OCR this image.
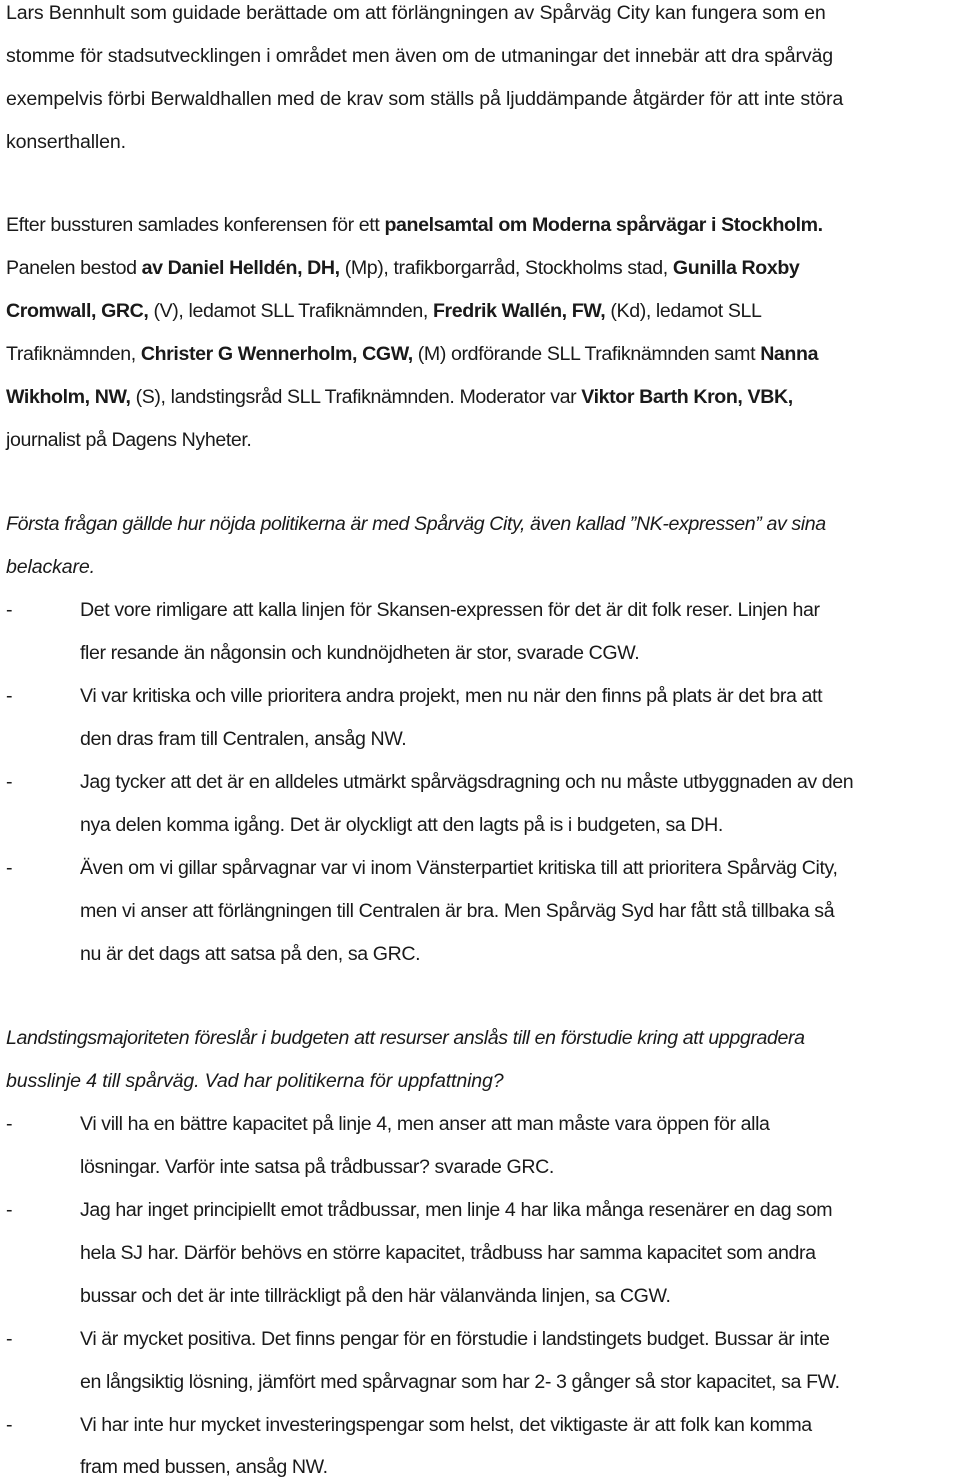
Lars Bennhult som guidade berättade om att förlängningen av Spårväg City kan fungera som en
stomme för stadsutvecklingen i området men även om de utmaningar det innebär att dra spårväg
exempelvis förbi Berwaldhallen med de krav som ställs på ljuddämpande åtgärder för att inte störa
konserthallen.
Efter bussturen samlades konferensen för ett panelsamtal om Moderna spårvägar i Stockholm.
Panelen bestod av Daniel Helldén, DH, (Mp), trafikborgarråd, Stockholms stad, Gunilla Roxby
Cromwall, GRC, (V), ledamot SLL Trafiknämnden, Fredrik Wallén, FW, (Kd), ledamot SLL
Trafiknämnden, Christer G Wennerholm, CGW, (M) ordförande SLL Trafiknämnden samt Nanna
Wikholm, NW, (S), landstingsråd SLL Trafiknämnden. Moderator var Viktor Barth Kron, VBK,
journalist på Dagens Nyheter.
Första frågan gällde hur nöjda politikerna är med Spårväg City, även kallad ”NK-expressen” av sina
belackare.
-	Det vore rimligare att kalla linjen för Skansen-expressen för det är dit folk reser. Linjen har
fler resande än någonsin och kundnöjdheten är stor, svarade CGW.
-	Vi var kritiska och ville prioritera andra projekt, men nu när den finns på plats är det bra att
den dras fram till Centralen, ansåg NW.
-	Jag tycker att det är en alldeles utmärkt spårvägsdragning och nu måste utbyggnaden av den
nya delen komma igång. Det är olyckligt att den lagts på is i budgeten, sa DH.
-	Även om vi gillar spårvagnar var vi inom Vänsterpartiet kritiska till att prioritera Spårväg City,
men vi anser att förlängningen till Centralen är bra. Men Spårväg Syd har fått stå tillbaka så
nu är det dags att satsa på den, sa GRC.
Landstingsmajoriteten föreslår i budgeten att resurser anslås till en förstudie kring att uppgradera
busslinje 4 till spårväg. Vad har politikerna för uppfattning?
-	Vi vill ha en bättre kapacitet på linje 4, men anser att man måste vara öppen för alla
lösningar. Varför inte satsa på trådbussar? svarade GRC.
-	Jag har inget principiellt emot trådbussar, men linje 4 har lika många resenärer en dag som
hela SJ har. Därför behövs en större kapacitet, trådbuss har samma kapacitet som andra
bussar och det är inte tillräckligt på den här välanvända linjen, sa CGW.
-	Vi är mycket positiva. Det finns pengar för en förstudie i landstingets budget. Bussar är inte
en långsiktig lösning, jämfört med spårvagnar som har 2- 3 gånger så stor kapacitet, sa FW.
-	Vi har inte hur mycket investeringspengar som helst, det viktigaste är att folk kan komma
fram med bussen, ansåg NW.
